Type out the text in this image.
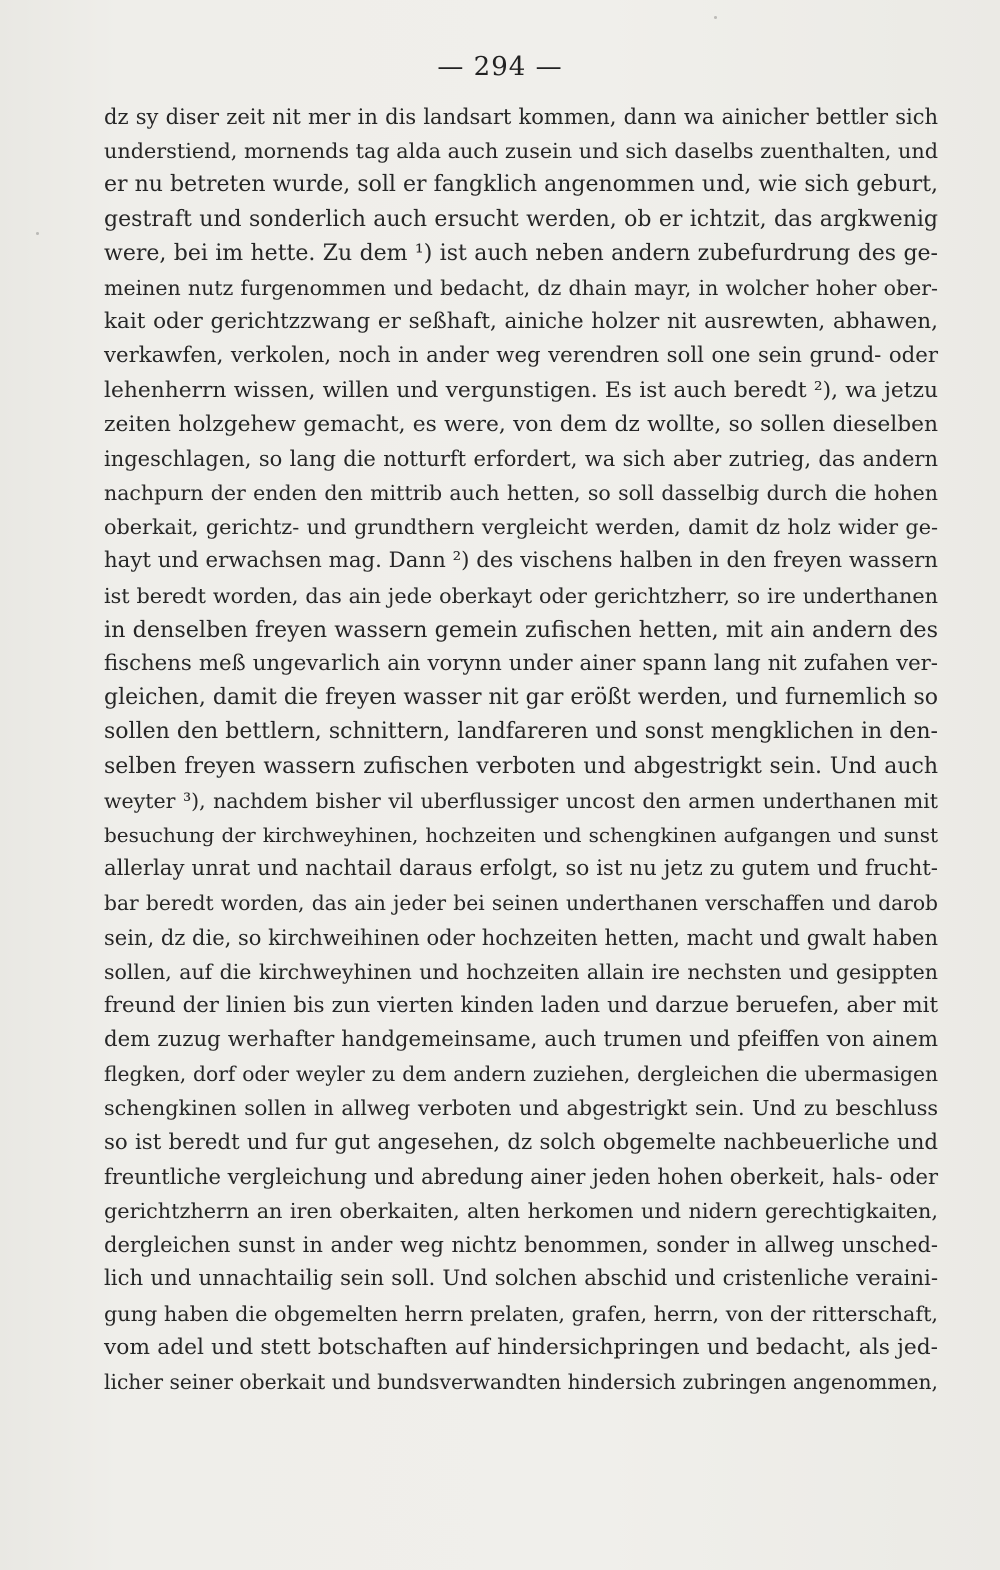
— 294 —
dz sy diser zeit nit mer in dis landsart kommen, dann wa ainicher bettler sich
understiend, mornends tag alda auch zusein und sich daselbs zuenthalten, und
er nu betreten wurde, soll er fangklich angenommen und, wie sich geburt,
gestraft und sonderlich auch ersucht werden, ob er ichtzit, das argkwenig
were, bei im hette. Zu dem ¹) ist auch neben andern zubefurdrung des ge-
meinen nutz furgenommen und bedacht, dz dhain mayr, in wolcher hoher ober-
kait oder gerichtzzwang er seßhaft, ainiche holzer nit ausrewten, abhawen,
verkawfen, verkolen, noch in ander weg verendren soll one sein grund- oder
lehenherrn wissen, willen und vergunstigen. Es ist auch beredt ²), wa jetzu
zeiten holzgehew gemacht, es were, von dem dz wollte, so sollen dieselben
ingeschlagen, so lang die notturft erfordert, wa sich aber zutrieg, das andern
nachpurn der enden den mittrib auch hetten, so soll dasselbig durch die hohen
oberkait, gerichtz- und grundthern vergleicht werden, damit dz holz wider ge-
hayt und erwachsen mag. Dann ²) des vischens halben in den freyen wassern
ist beredt worden, das ain jede oberkayt oder gerichtzherr, so ire underthanen
in denselben freyen wassern gemein zufischen hetten, mit ain andern des
fischens meß ungevarlich ain vorynn under ainer spann lang nit zufahen ver-
gleichen, damit die freyen wasser nit gar erößt werden, und furnemlich so
sollen den bettlern, schnittern, landfareren und sonst mengklichen in den-
selben freyen wassern zufischen verboten und abgestrigkt sein. Und auch
weyter ³), nachdem bisher vil uberflussiger uncost den armen underthanen mit
besuchung der kirchweyhinen, hochzeiten und schengkinen aufgangen und sunst
allerlay unrat und nachtail daraus erfolgt, so ist nu jetz zu gutem und frucht-
bar beredt worden, das ain jeder bei seinen underthanen verschaffen und darob
sein, dz die, so kirchweihinen oder hochzeiten hetten, macht und gwalt haben
sollen, auf die kirchweyhinen und hochzeiten allain ire nechsten und gesippten
freund der linien bis zun vierten kinden laden und darzue beruefen, aber mit
dem zuzug werhafter handgemeinsame, auch trumen und pfeiffen von ainem
flegken, dorf oder weyler zu dem andern zuziehen, dergleichen die ubermasigen
schengkinen sollen in allweg verboten und abgestrigkt sein. Und zu beschluss
so ist beredt und fur gut angesehen, dz solch obgemelte nachbeuerliche und
freuntliche vergleichung und abredung ainer jeden hohen oberkeit, hals- oder
gerichtzherrn an iren oberkaiten, alten herkomen und nidern gerechtigkaiten,
dergleichen sunst in ander weg nichtz benommen, sonder in allweg unsched-
lich und unnachtailig sein soll. Und solchen abschid und cristenliche veraini-
gung haben die obgemelten herrn prelaten, grafen, herrn, von der ritterschaft,
vom adel und stett botschaften auf hindersichpringen und bedacht, als jed-
licher seiner oberkait und bundsverwandten hindersich zubringen angenommen,
